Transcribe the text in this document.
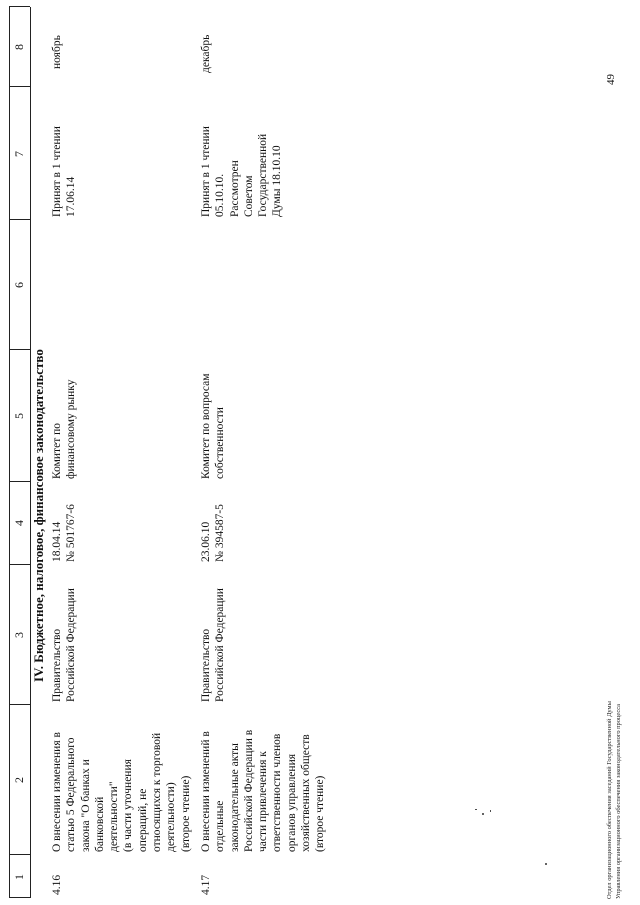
1
2
3
4
5
6
7
8
IV. Бюджетное, налоговое, финансовое законодательство
4.16
О внесении изменения в статью 5 Федерального закона "О банках и банковской деятельности" (в части уточнения операций, не относящихся к торговой деятельности) (второе чтение)
Правительство Российской Федерации
18.04.14 № 501767-6
Комитет по финансовому рынку
Принят в 1 чтении 17.06.14
ноябрь
4.17
О внесении изменений в отдельные законодательные акты Российской Федерации в части привлечения к ответственности членов органов управления хозяйственных обществ (второе чтение)
Правительство Российской Федерации
23.06.10 № 394587-5
Комитет по вопросам собственности
Принят в 1 чтении 05.10.10. Рассмотрен Советом Государственной Думы 18.10.10
декабрь
Отдел организационного обеспечения заседаний Государственной Думы Управления организационного обеспечения законодательного процесса
49
